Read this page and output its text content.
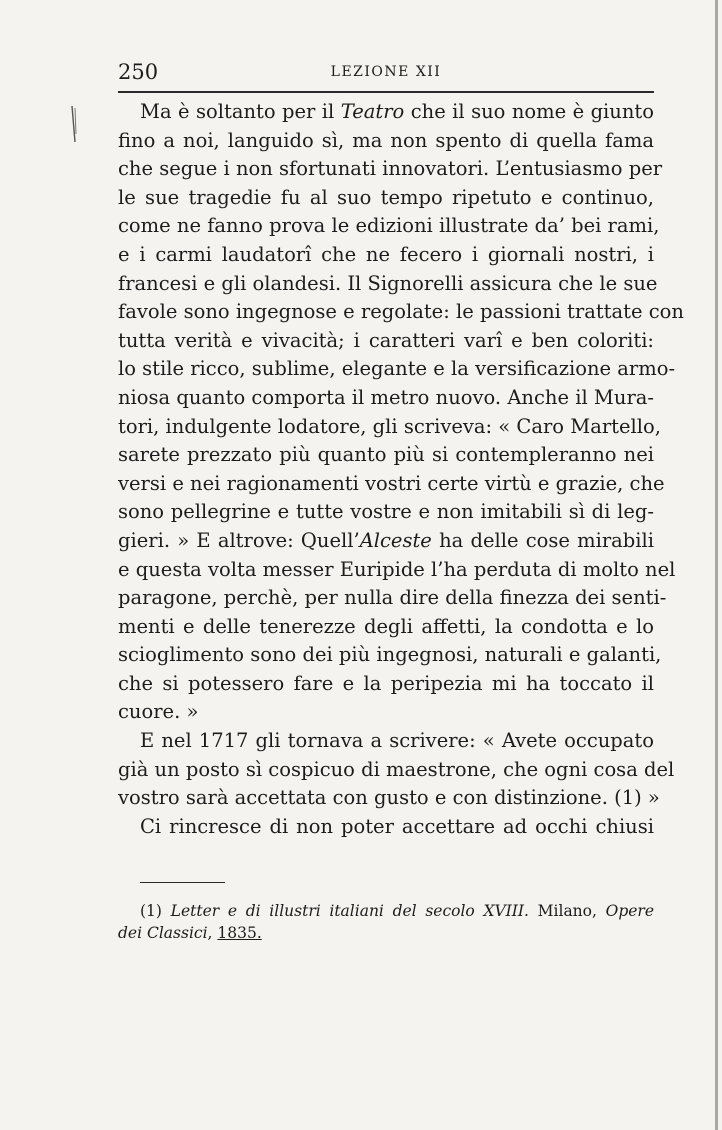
LEZIONE XII
250
Ma è soltanto per il Teatro che il suo nome è giunto
fino a noi, languido sì, ma non spento di quella fama
che segue i non sfortunati innovatori. L’entusiasmo per
le sue tragedie fu al suo tempo ripetuto e continuo,
come ne fanno prova le edizioni illustrate da’ bei rami,
e i carmi laudatorî che ne fecero i giornali nostri, i
francesi e gli olandesi. Il Signorelli assicura che le sue
favole sono ingegnose e regolate: le passioni trattate con
tutta verità e vivacità; i caratteri varî e ben coloriti:
lo stile ricco, sublime, elegante e la versificazione armo-
niosa quanto comporta il metro nuovo. Anche il Mura-
tori, indulgente lodatore, gli scriveva: « Caro Martello,
sarete prezzato più quanto più si contempleranno nei
versi e nei ragionamenti vostri certe virtù e grazie, che
sono pellegrine e tutte vostre e non imitabili sì di leg-
gieri. » E altrove: Quell’Alceste ha delle cose mirabili
e questa volta messer Euripide l’ha perduta di molto nel
paragone, perchè, per nulla dire della finezza dei senti-
menti e delle tenerezze degli affetti, la condotta e lo
scioglimento sono dei più ingegnosi, naturali e galanti,
che si potessero fare e la peripezia mi ha toccato il
cuore. »
E nel 1717 gli tornava a scrivere: « Avete occupato
già un posto sì cospicuo di maestrone, che ogni cosa del
vostro sarà accettata con gusto e con distinzione. (1) »
Ci rincresce di non poter accettare ad occhi chiusi
(1) Letter e di illustri italiani del secolo XVIII. Milano, Opere
dei Classici, 1835.
